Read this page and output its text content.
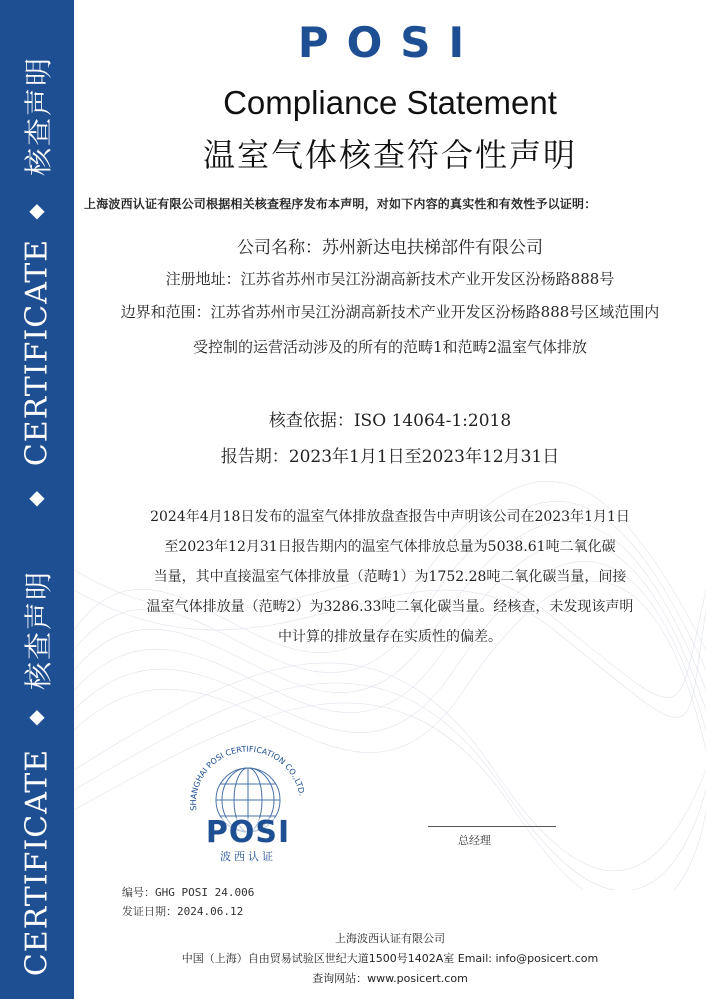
核查声明
◆
CERTIFICATE
◆
核查声明
◆
CERTIFICATE
POSI
Compliance Statement
温室气体核查符合性声明
上海波西认证有限公司根据相关核查程序发布本声明，对如下内容的真实性和有效性予以证明：
公司名称：苏州新达电扶梯部件有限公司
注册地址：江苏省苏州市吴江汾湖高新技术产业开发区汾杨路888号
边界和范围：江苏省苏州市吴江汾湖高新技术产业开发区汾杨路888号区域范围内
受控制的运营活动涉及的所有的范畴1和范畴2温室气体排放
核查依据：ISO 14064-1:2018
报告期：2023年1月1日至2023年12月31日
2024年4月18日发布的温室气体排放盘查报告中声明该公司在2023年1月1日
至2023年12月31日报告期内的温室气体排放总量为5038.61吨二氧化碳
当量，其中直接温室气体排放量（范畴1）为1752.28吨二氧化碳当量，间接
温室气体排放量（范畴2）为3286.33吨二氧化碳当量。经核查，未发现该声明
中计算的排放量存在实质性的偏差。
SHANGHAI POSI CERTIFICATION CO.,LTD.
POSI
波西认证
总经理
编号：GHG POSI 24.006
发证日期：2024.06.12
上海波西认证有限公司
中国（上海）自由贸易试验区世纪大道1500号1402A室 Email: info@posicert.com
查询网站：www.posicert.com
